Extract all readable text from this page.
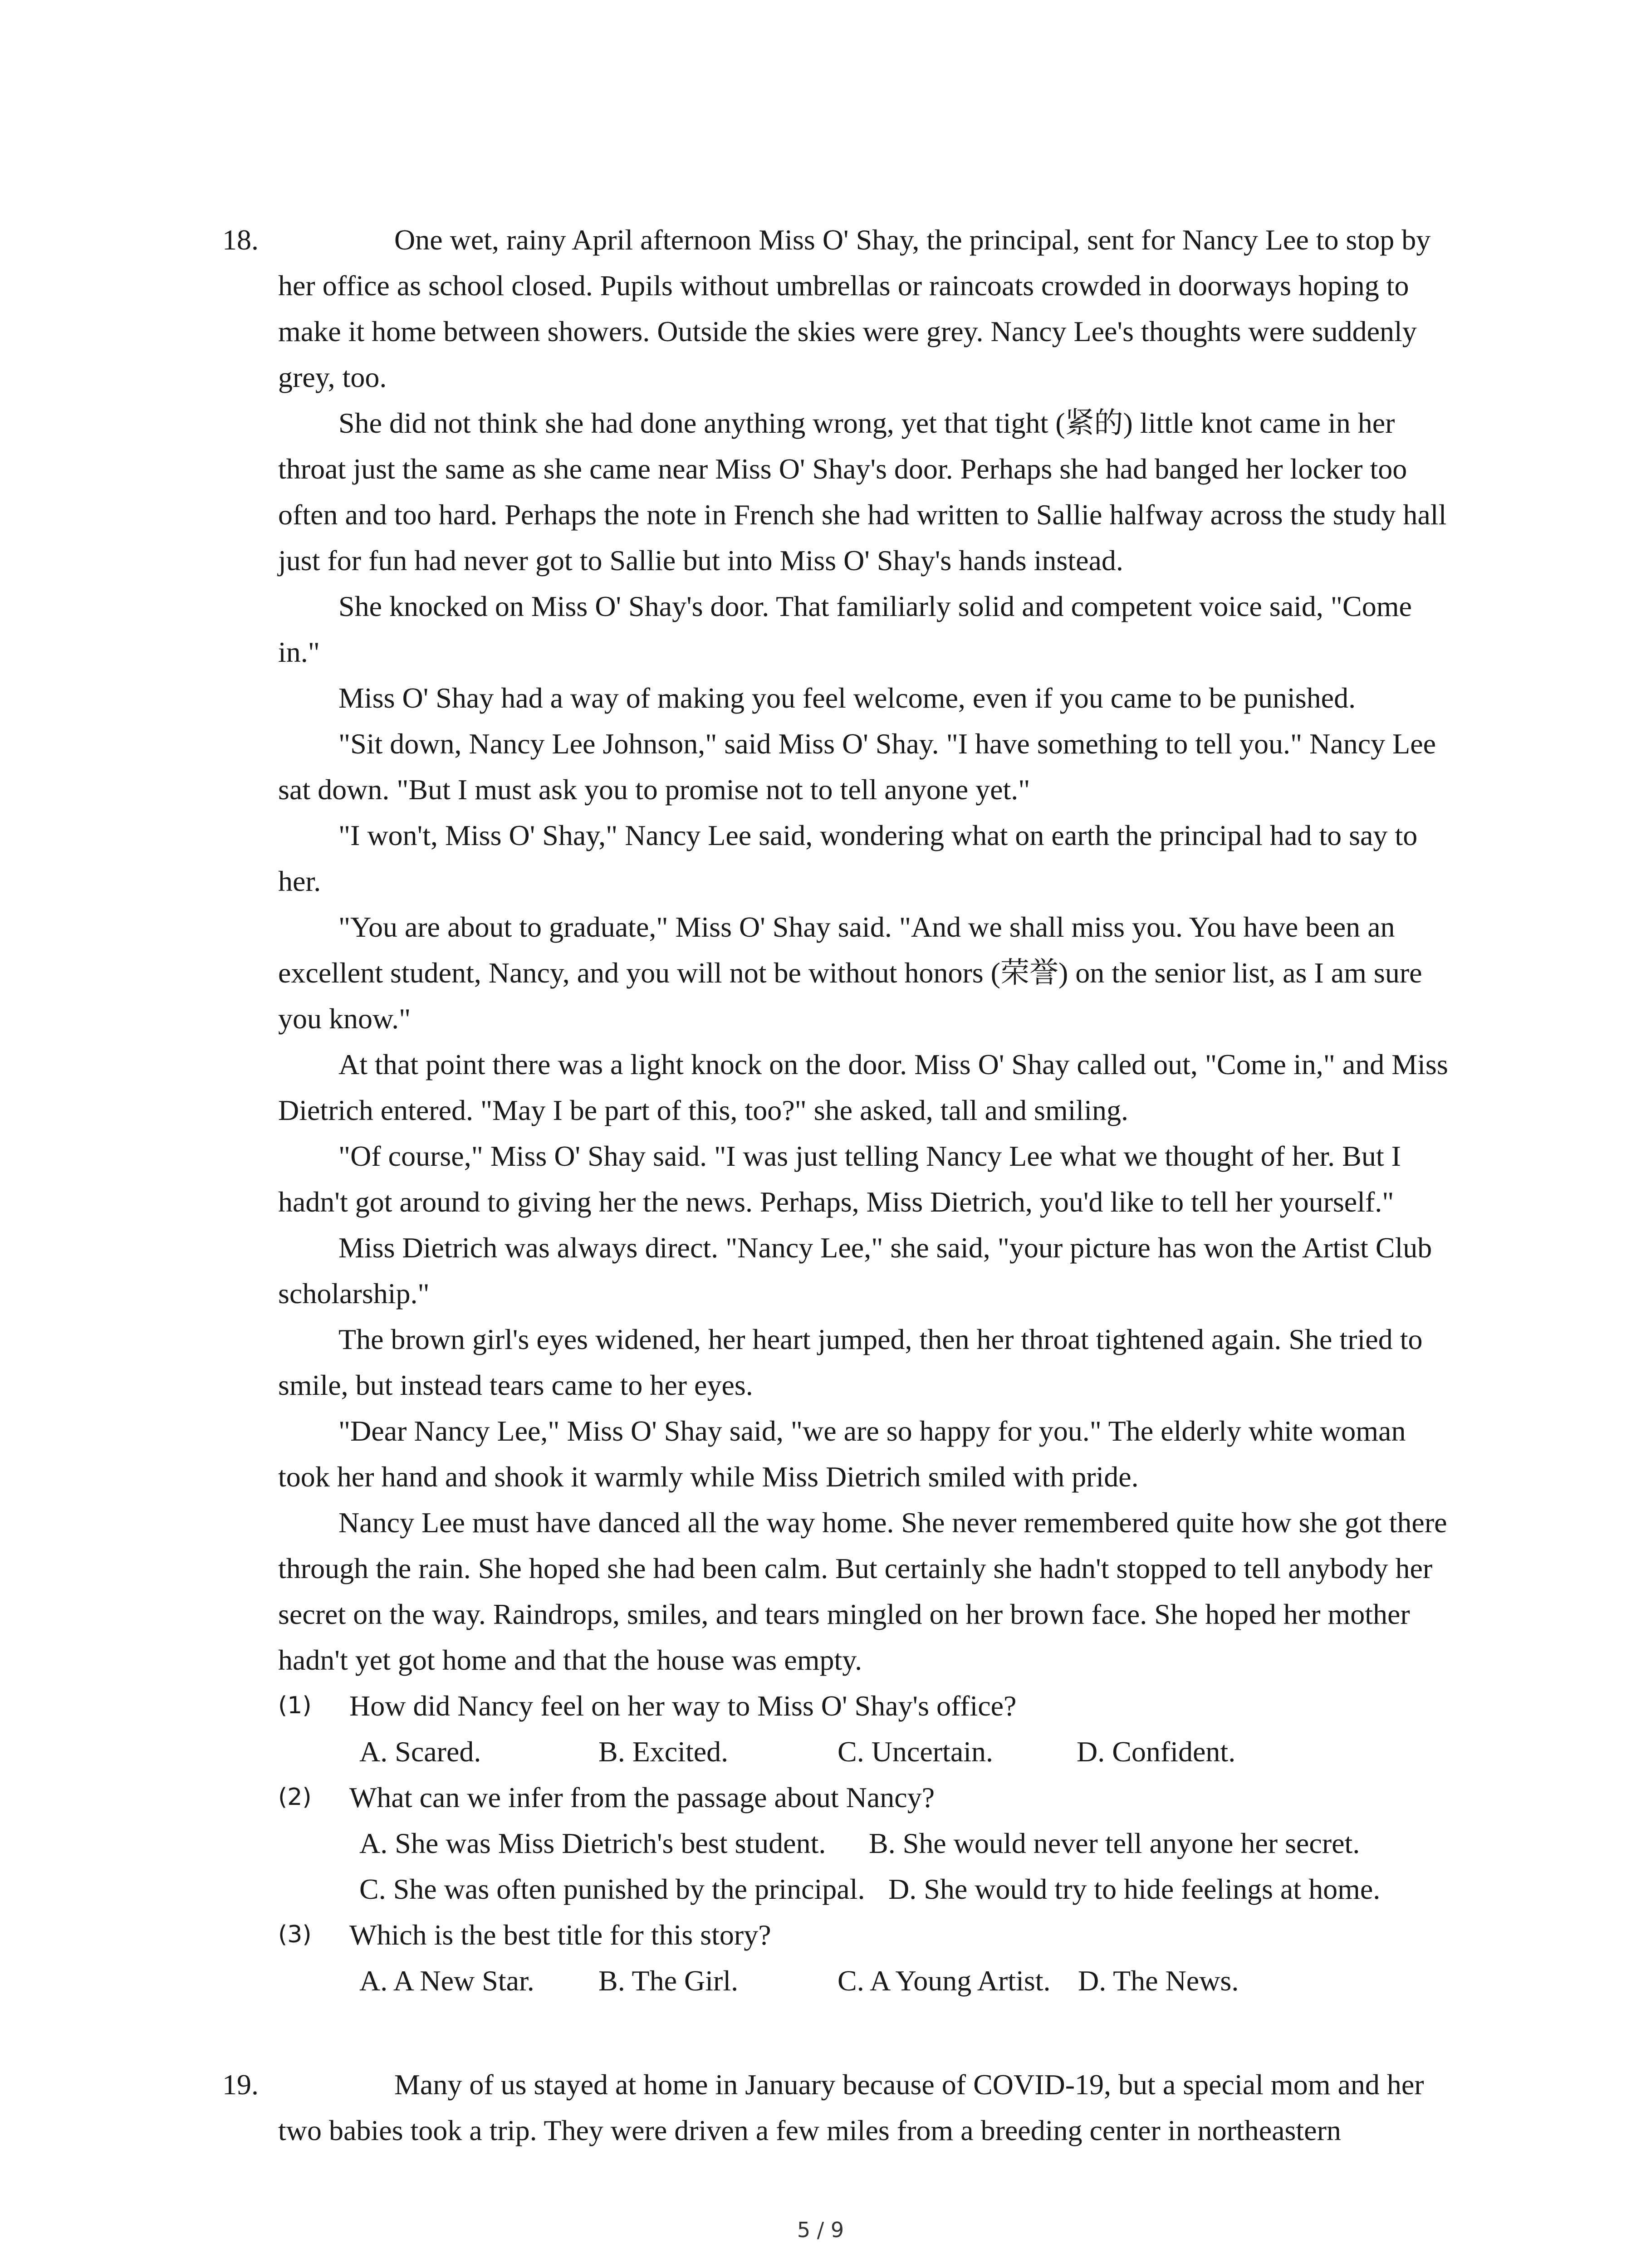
18.	One wet, rainy April afternoon Miss O' Shay, the principal, sent for Nancy Lee to stop by her office as school closed. Pupils without umbrellas or raincoats crowded in doorways hoping to make it home between showers. Outside the skies were grey. Nancy Lee's thoughts were suddenly grey, too.

She did not think she had done anything wrong, yet that tight (紧的) little knot came in her throat just the same as she came near Miss O' Shay's door. Perhaps she had banged her locker too often and too hard. Perhaps the note in French she had written to Sallie halfway across the study hall just for fun had never got to Sallie but into Miss O' Shay's hands instead.

She knocked on Miss O' Shay's door. That familiarly solid and competent voice said, "Come in."

Miss O' Shay had a way of making you feel welcome, even if you came to be punished.

"Sit down, Nancy Lee Johnson," said Miss O' Shay. "I have something to tell you." Nancy Lee sat down. "But I must ask you to promise not to tell anyone yet."

"I won't, Miss O' Shay," Nancy Lee said, wondering what on earth the principal had to say to her.

"You are about to graduate," Miss O' Shay said. "And we shall miss you. You have been an excellent student, Nancy, and you will not be without honors (荣誉) on the senior list, as I am sure you know."

At that point there was a light knock on the door. Miss O' Shay called out, "Come in," and Miss Dietrich entered. "May I be part of this, too?" she asked, tall and smiling.

"Of course," Miss O' Shay said. "I was just telling Nancy Lee what we thought of her. But I hadn't got around to giving her the news. Perhaps, Miss Dietrich, you'd like to tell her yourself."

Miss Dietrich was always direct. "Nancy Lee," she said, "your picture has won the Artist Club scholarship."

The brown girl's eyes widened, her heart jumped, then her throat tightened again. She tried to smile, but instead tears came to her eyes.

"Dear Nancy Lee," Miss O' Shay said, "we are so happy for you." The elderly white woman took her hand and shook it warmly while Miss Dietrich smiled with pride.

Nancy Lee must have danced all the way home. She never remembered quite how she got there through the rain. She hoped she had been calm. But certainly she hadn't stopped to tell anybody her secret on the way. Raindrops, smiles, and tears mingled on her brown face. She hoped her mother hadn't yet got home and that the house was empty.

(1) How did Nancy feel on her way to Miss O' Shay's office?
A. Scared.	B. Excited.	C. Uncertain.	D. Confident.
(2) What can we infer from the passage about Nancy?
A. She was Miss Dietrich's best student. B. She would never tell anyone her secret.
C. She was often punished by the principal. D. She would try to hide feelings at home.
(3) Which is the best title for this story?
A. A New Star. B. The Girl.	C. A Young Artist. D. The News.
19.	Many of us stayed at home in January because of COVID-19, but a special mom and her two babies took a trip. They were driven a few miles from a breeding center in northeastern

5 / 9
